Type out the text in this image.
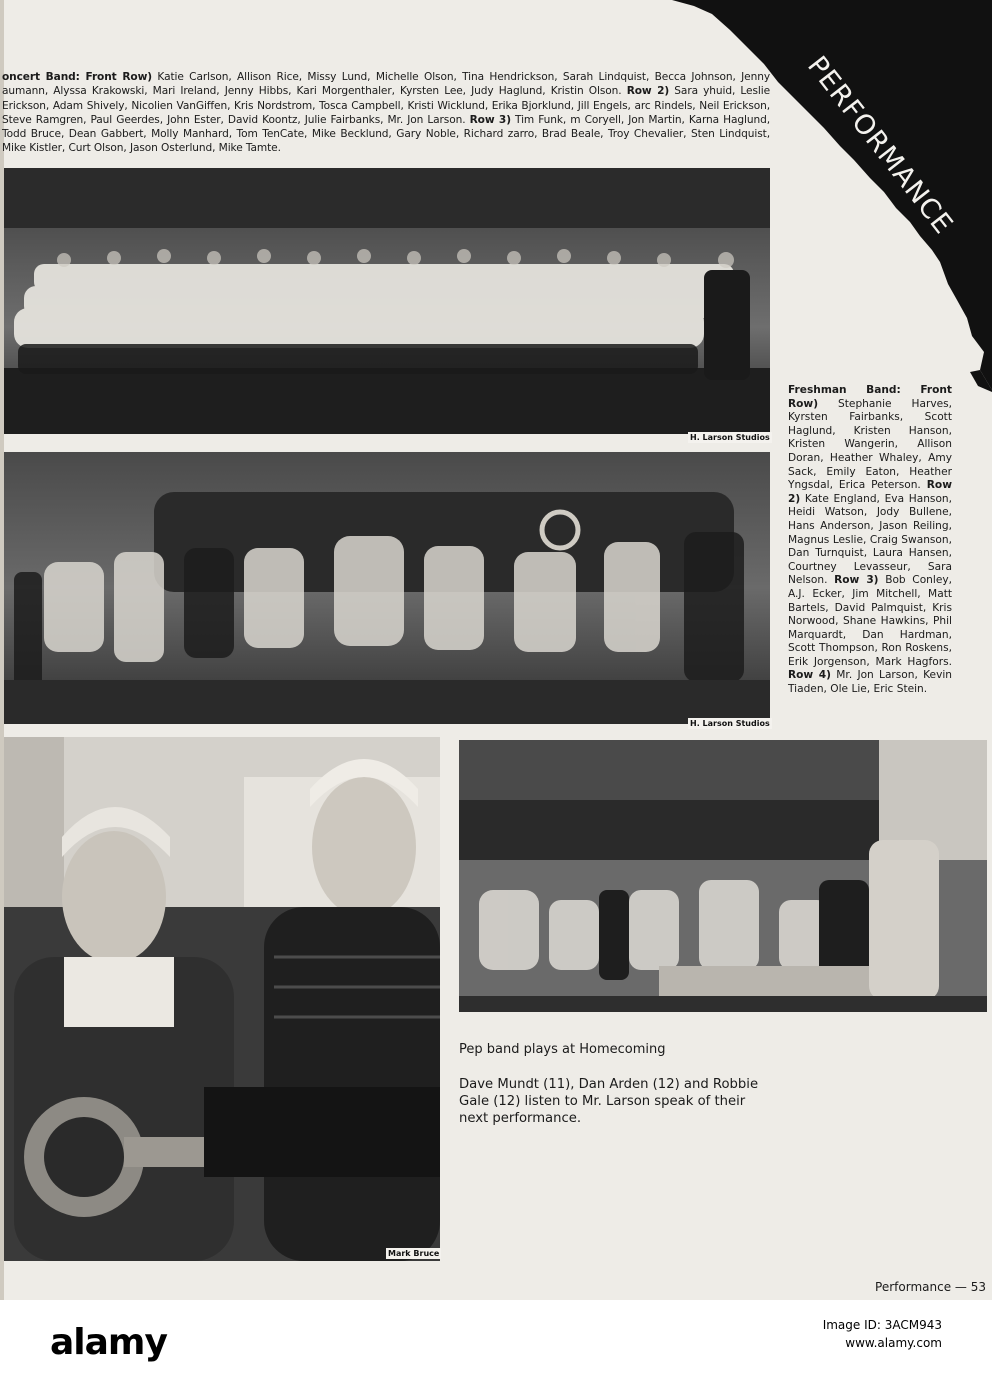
PERFORMANCE
oncert Band: Front Row) Katie Carlson, Allison Rice, Missy Lund, Michelle Olson, Tina Hendrickson, Sarah Lindquist, Becca Johnson, Jenny aumann, Alyssa Krakowski, Mari Ireland, Jenny Hibbs, Kari Morgenthaler, Kyrsten Lee, Judy Haglund, Kristin Olson. Row 2) Sara yhuid, Leslie Erickson, Adam Shively, Nicolien VanGiffen, Kris Nordstrom, Tosca Campbell, Kristi Wicklund, Erika Bjorklund, Jill Engels, arc Rindels, Neil Erickson, Steve Ramgren, Paul Geerdes, John Ester, David Koontz, Julie Fairbanks, Mr. Jon Larson. Row 3) Tim Funk, m Coryell, Jon Martin, Karna Haglund, Todd Bruce, Dean Gabbert, Molly Manhard, Tom TenCate, Mike Becklund, Gary Noble, Richard zarro, Brad Beale, Troy Chevalier, Sten Lindquist, Mike Kistler, Curt Olson, Jason Osterlund, Mike Tamte.
H. Larson Studios
H. Larson Studios
Freshman Band: Front Row) Stephanie Harves, Kyrsten Fairbanks, Scott Haglund, Kristen Hanson, Kristen Wangerin, Allison Doran, Heather Whaley, Amy Sack, Emily Eaton, Heather Yngsdal, Erica Peterson. Row 2) Kate England, Eva Hanson, Heidi Watson, Jody Bullene, Hans Anderson, Jason Reiling, Magnus Leslie, Craig Swanson, Dan Turnquist, Laura Hansen, Courtney Levasseur, Sara Nelson. Row 3) Bob Conley, A.J. Ecker, Jim Mitchell, Matt Bartels, David Palmquist, Kris Norwood, Shane Hawkins, Phil Marquardt, Dan Hardman, Scott Thompson, Ron Roskens, Erik Jorgenson, Mark Hagfors. Row 4) Mr. Jon Larson, Kevin Tiaden, Ole Lie, Eric Stein.
Mark Bruce
Pep band plays at Homecoming
Dave Mundt (11), Dan Arden (12) and Robbie Gale (12) listen to Mr. Larson speak of their next performance.
Performance — 53
alamy	Image ID: 3ACM943
www.alamy.com
